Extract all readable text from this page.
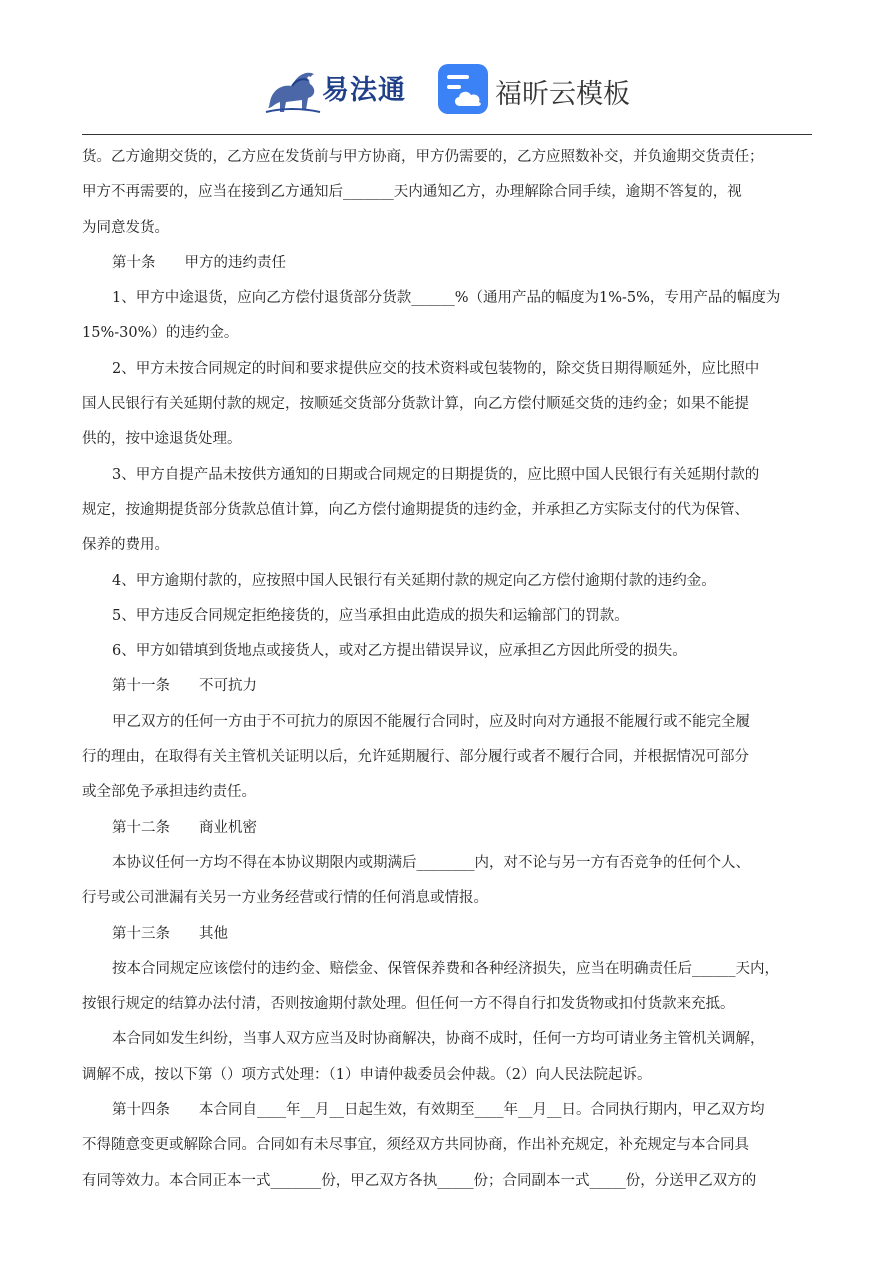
易法通	福昕云模板

货。乙方逾期交货的，乙方应在发货前与甲方协商，甲方仍需要的，乙方应照数补交，并负逾期交货责任；

甲方不再需要的，应当在接到乙方通知后_______天内通知乙方，办理解除合同手续，逾期不答复的，视

为同意发货。

第十条　　甲方的违约责任

1、甲方中途退货，应向乙方偿付退货部分货款______%（通用产品的幅度为1%-5%，专用产品的幅度为

15%-30%）的违约金。

2、甲方未按合同规定的时间和要求提供应交的技术资料或包装物的，除交货日期得顺延外，应比照中

国人民银行有关延期付款的规定，按顺延交货部分货款计算，向乙方偿付顺延交货的违约金；如果不能提

供的，按中途退货处理。

3、甲方自提产品未按供方通知的日期或合同规定的日期提货的，应比照中国人民银行有关延期付款的

规定，按逾期提货部分货款总值计算，向乙方偿付逾期提货的违约金，并承担乙方实际支付的代为保管、

保养的费用。

4、甲方逾期付款的，应按照中国人民银行有关延期付款的规定向乙方偿付逾期付款的违约金。

5、甲方违反合同规定拒绝接货的，应当承担由此造成的损失和运输部门的罚款。

6、甲方如错填到货地点或接货人，或对乙方提出错误异议，应承担乙方因此所受的损失。

第十一条　　不可抗力

甲乙双方的任何一方由于不可抗力的原因不能履行合同时，应及时向对方通报不能履行或不能完全履

行的理由，在取得有关主管机关证明以后，允许延期履行、部分履行或者不履行合同，并根据情况可部分

或全部免予承担违约责任。

第十二条　　商业机密

本协议任何一方均不得在本协议期限内或期满后________内，对不论与另一方有否竞争的任何个人、

行号或公司泄漏有关另一方业务经营或行情的任何消息或情报。

第十三条　　其他

按本合同规定应该偿付的违约金、赔偿金、保管保养费和各种经济损失，应当在明确责任后______天内，

按银行规定的结算办法付清，否则按逾期付款处理。但任何一方不得自行扣发货物或扣付货款来充抵。

本合同如发生纠纷，当事人双方应当及时协商解决，协商不成时，任何一方均可请业务主管机关调解，

调解不成，按以下第（）项方式处理：（1）申请仲裁委员会仲裁。（2）向人民法院起诉。

第十四条　　本合同自____年__月__日起生效，有效期至____年__月__日。合同执行期内，甲乙双方均

不得随意变更或解除合同。合同如有未尽事宜，须经双方共同协商，作出补充规定，补充规定与本合同具

有同等效力。本合同正本一式_______份，甲乙双方各执_____份；合同副本一式_____份，分送甲乙双方的
